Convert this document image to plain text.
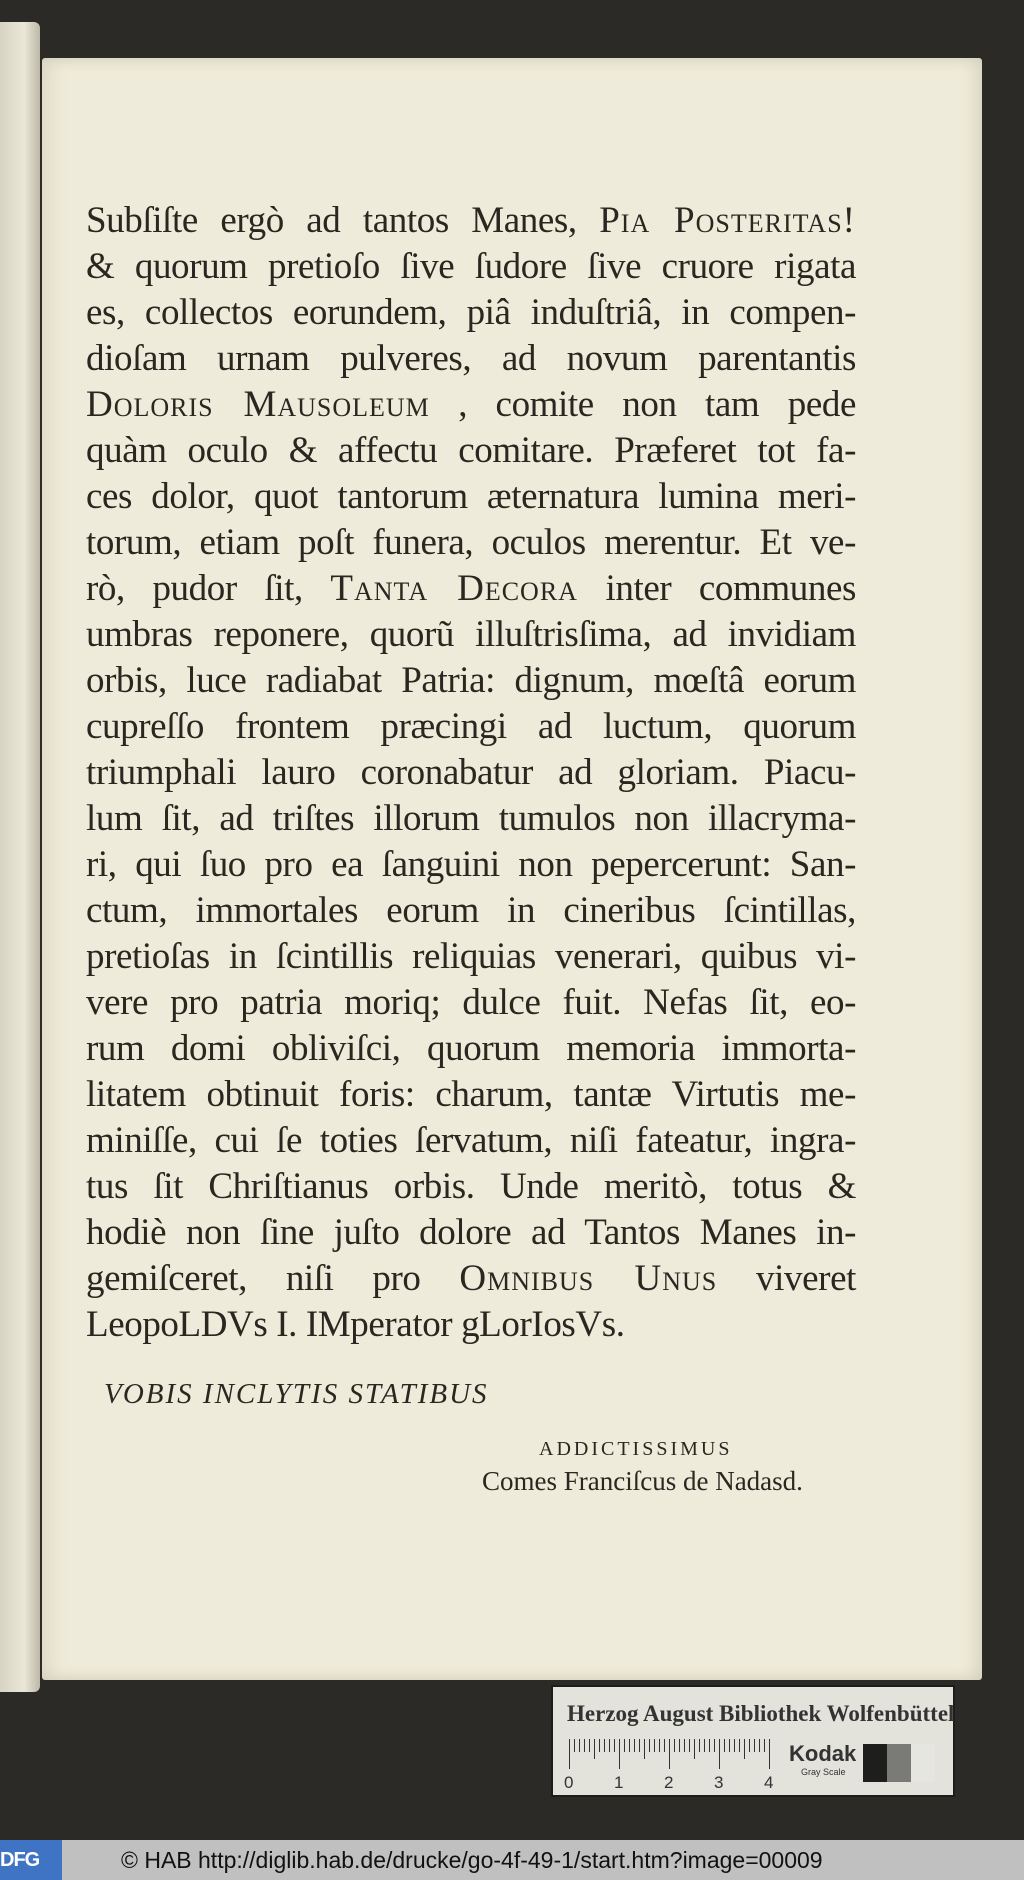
Subſiſte ergò ad tantos Manes, Pia Posteritas!
& quorum pretioſo ſive ſudore ſive cruore rigata
es, collectos eorundem, piâ induſtriâ, in compen-
dioſam urnam pulveres, ad novum parentantis
Doloris Mausoleum , comite non tam pede
quàm oculo & affectu comitare. Præferet tot fa-
ces dolor, quot tantorum æternatura lumina meri-
torum, etiam poſt funera, oculos merentur. Et ve-
rò, pudor ſit, Tanta Decora inter communes
umbras reponere, quorũ illuſtrisſima, ad invidiam
orbis, luce radiabat Patria: dignum, mœſtâ eorum
cupreſſo frontem præcingi ad luctum, quorum
triumphali lauro coronabatur ad gloriam. Piacu-
lum ſit, ad triſtes illorum tumulos non illacryma-
ri, qui ſuo pro ea ſanguini non pepercerunt: San-
ctum, immortales eorum in cineribus ſcintillas,
pretioſas in ſcintillis reliquias venerari, quibus vi-
vere pro patria moriq; dulce fuit. Nefas ſit, eo-
rum domi obliviſci, quorum memoria immorta-
litatem obtinuit foris: charum, tantæ Virtutis me-
miniſſe, cui ſe toties ſervatum, niſi fateatur, ingra-
tus ſit Chriſtianus orbis. Unde meritò, totus &
hodiè non ſine juſto dolore ad Tantos Manes in-
gemiſceret, niſi pro Omnibus Unus viveret
LeopoLDVs I. IMperator gLorIosVs.
VOBIS INCLYTIS STATIBUS
ADDICTISSIMUS
Comes Franciſcus de Nadasd.
Herzog August Bibliothek Wolfenbüttel
0 1 2 3 4
Kodak
Gray Scale
DFG	© HAB http://diglib.hab.de/drucke/go-4f-49-1/start.htm?image=00009
